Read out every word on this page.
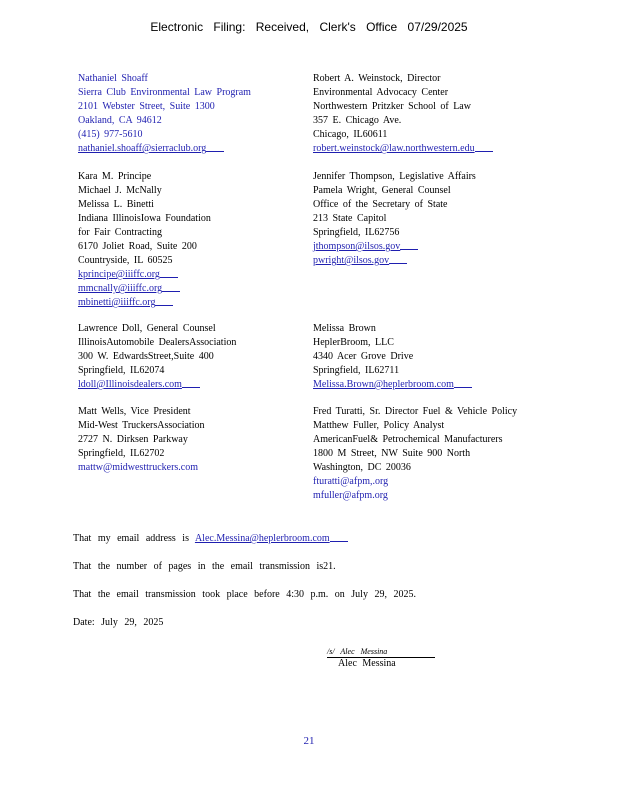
Electronic Filing: Received, Clerk's Office 07/29/2025
Nathaniel Shoaff
Sierra Club Environmental Law Program
2101 Webster Street, Suite 1300
Oakland, CA 94612
(415) 977-5610
nathaniel.shoaff@sierraclub.org
Kara M. Principe
Michael J. McNally
Melissa L. Binetti
Indiana IllinoisIowa Foundation
for Fair Contracting
6170 Joliet Road, Suite 200
Countryside, IL 60525
kprincipe@iiiffc.org
mmcnally@iiiffc.org
mbinetti@iiiffc.org
Lawrence Doll, General Counsel
IllinoisAutomobile DealersAssociation
300 W. EdwardsStreet,Suite 400
Springfield, IL62074
ldoll@Illinoisdealers.com
Matt Wells, Vice President
Mid-West TruckersAssociation
2727 N. Dirksen Parkway
Springfield, IL62702
mattw@midwesttruckers.com
Robert A. Weinstock, Director
Environmental Advocacy Center
Northwestern Pritzker School of Law
357 E. Chicago Ave.
Chicago, IL60611
robert.weinstock@law.northwestern.edu
Jennifer Thompson, Legislative Affairs
Pamela Wright, General Counsel
Office of the Secretary of State
213 State Capitol
Springfield, IL62756
jthompson@ilsos.gov
pwright@ilsos.gov
Melissa Brown
HeplerBroom, LLC
4340 Acer Grove Drive
Springfield, IL62711
Melissa.Brown@heplerbroom.com
Fred Turatti, Sr. Director Fuel & Vehicle Policy
Matthew Fuller, Policy Analyst
AmericanFuel& Petrochemical Manufacturers
1800 M Street, NW Suite 900 North
Washington, DC 20036
fturatti@afpm,.org
mfuller@afpm.org
That my email address is Alec.Messina@heplerbroom.com
That the number of pages in the email transmission is21.
That the email transmission took place before 4:30 p.m. on July 29, 2025.
Date: July 29, 2025
/s/ Alec Messina
Alec Messina
21
